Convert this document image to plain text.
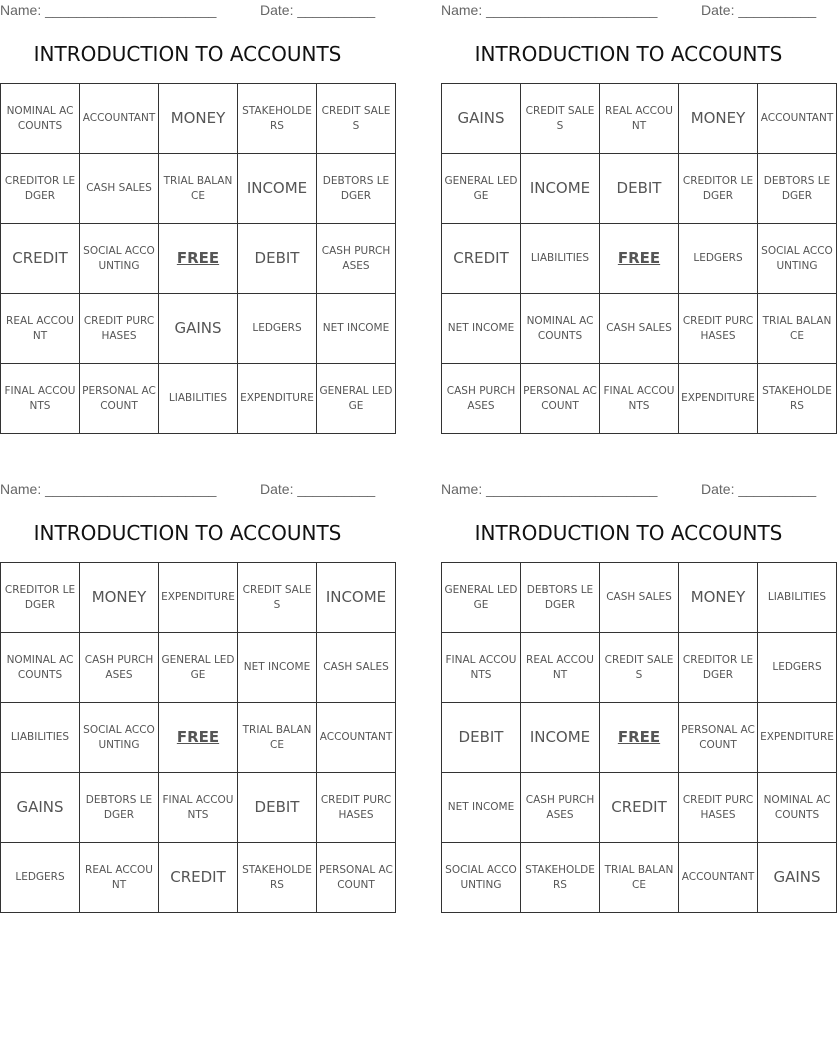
Name: ______________________	Date: __________
INTRODUCTION TO ACCOUNTS
NOMINAL ACCOUNTS	ACCOUNTANT	MONEY	STAKEHOLDERS	CREDIT SALES
CREDITOR LEDGER	CASH SALES	TRIAL BALANCE	INCOME	DEBTORS LEDGER
CREDIT	SOCIAL ACCOUNTING	FREE	DEBIT	CASH PURCHASES
REAL ACCOUNT	CREDIT PURCHASES	GAINS	LEDGERS	NET INCOME
FINAL ACCOUNTS	PERSONAL ACCOUNT	LIABILITIES	EXPENDITURE	GENERAL LEDGE
Name: ______________________	Date: __________
INTRODUCTION TO ACCOUNTS
GAINS	CREDIT SALES	REAL ACCOUNT	MONEY	ACCOUNTANT
GENERAL LEDGE	INCOME	DEBIT	CREDITOR LEDGER	DEBTORS LEDGER
CREDIT	LIABILITIES	FREE	LEDGERS	SOCIAL ACCOUNTING
NET INCOME	NOMINAL ACCOUNTS	CASH SALES	CREDIT PURCHASES	TRIAL BALANCE
CASH PURCHASES	PERSONAL ACCOUNT	FINAL ACCOUNTS	EXPENDITURE	STAKEHOLDERS
Name: ______________________	Date: __________
INTRODUCTION TO ACCOUNTS
CREDITOR LEDGER	MONEY	EXPENDITURE	CREDIT SALES	INCOME
NOMINAL ACCOUNTS	CASH PURCHASES	GENERAL LEDGE	NET INCOME	CASH SALES
LIABILITIES	SOCIAL ACCOUNTING	FREE	TRIAL BALANCE	ACCOUNTANT
GAINS	DEBTORS LEDGER	FINAL ACCOUNTS	DEBIT	CREDIT PURCHASES
LEDGERS	REAL ACCOUNT	CREDIT	STAKEHOLDERS	PERSONAL ACCOUNT
Name: ______________________	Date: __________
INTRODUCTION TO ACCOUNTS
GENERAL LEDGE	DEBTORS LEDGER	CASH SALES	MONEY	LIABILITIES
FINAL ACCOUNTS	REAL ACCOUNT	CREDIT SALES	CREDITOR LEDGER	LEDGERS
DEBIT	INCOME	FREE	PERSONAL ACCOUNT	EXPENDITURE
NET INCOME	CASH PURCHASES	CREDIT	CREDIT PURCHASES	NOMINAL ACCOUNTS
SOCIAL ACCOUNTING	STAKEHOLDERS	TRIAL BALANCE	ACCOUNTANT	GAINS
